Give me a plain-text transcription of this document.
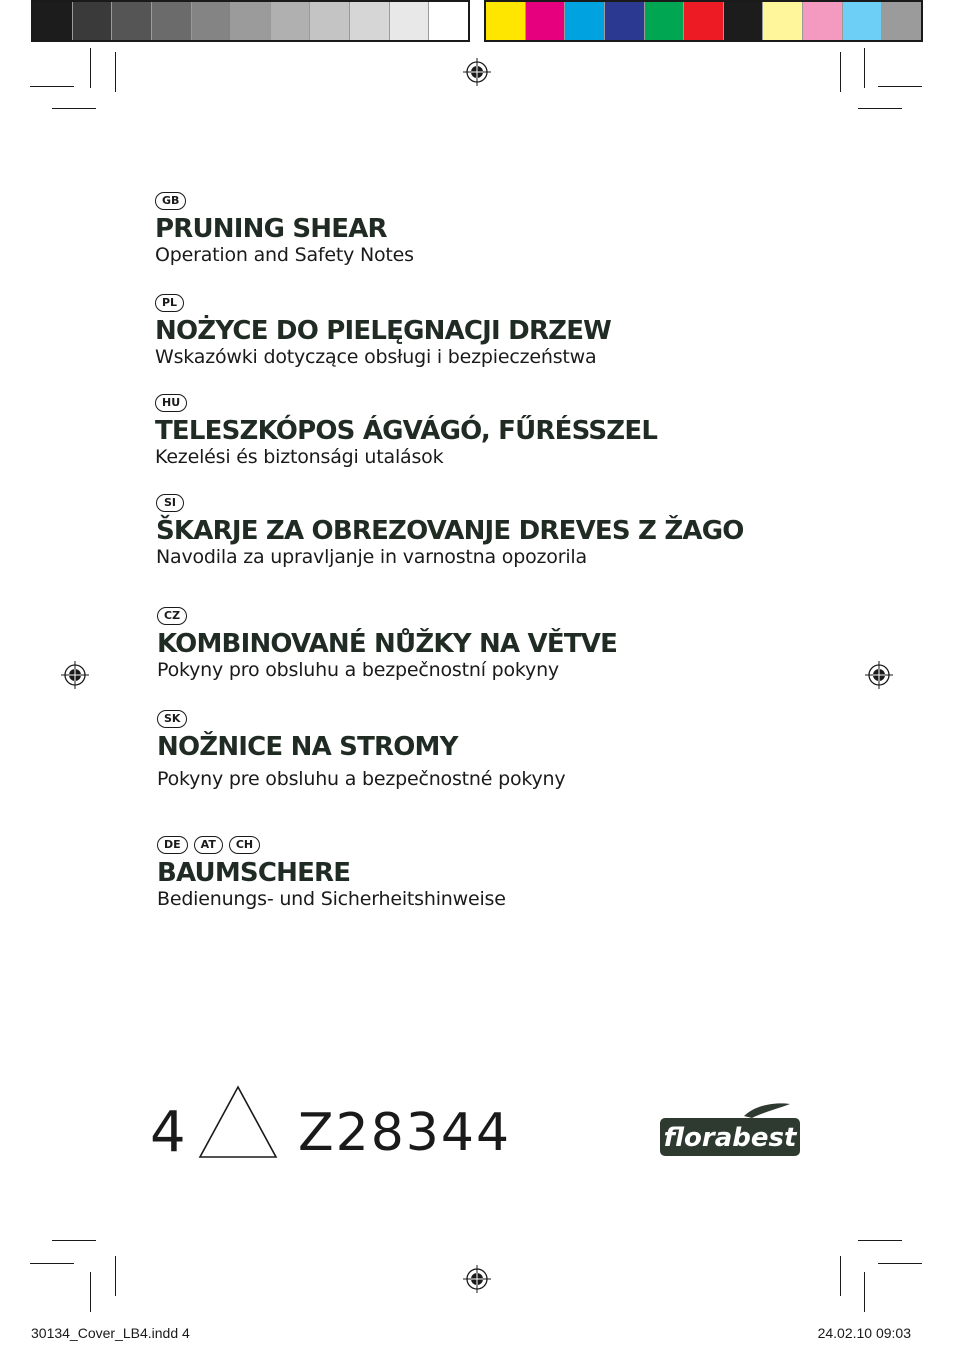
GB
PRUNING SHEAR
Operation and Safety Notes
PL
NOŻYCE DO PIELĘGNACJI DRZEW
Wskazówki dotyczące obsługi i bezpieczeństwa
HU
TELESZKÓPOS ÁGVÁGÓ, FŰRÉSSZEL
Kezelési és biztonsági utalások
SI
ŠKARJE ZA OBREZOVANJE DREVES Z ŽAGO
Navodila za upravljanje in varnostna opozorila
CZ
KOMBINOVANÉ NŮŽKY NA VĚTVE
Pokyny pro obsluhu a bezpečnostní pokyny
SK
NOŽNICE NA STROMY
Pokyny pre obsluhu a bezpečnostné pokyny
DE	AT	CH
BAUMSCHERE
Bedienungs- und Sicherheitshinweise
4 Z28344	florabest
30134_Cover_LB4.indd 4	24.02.10 09:03
